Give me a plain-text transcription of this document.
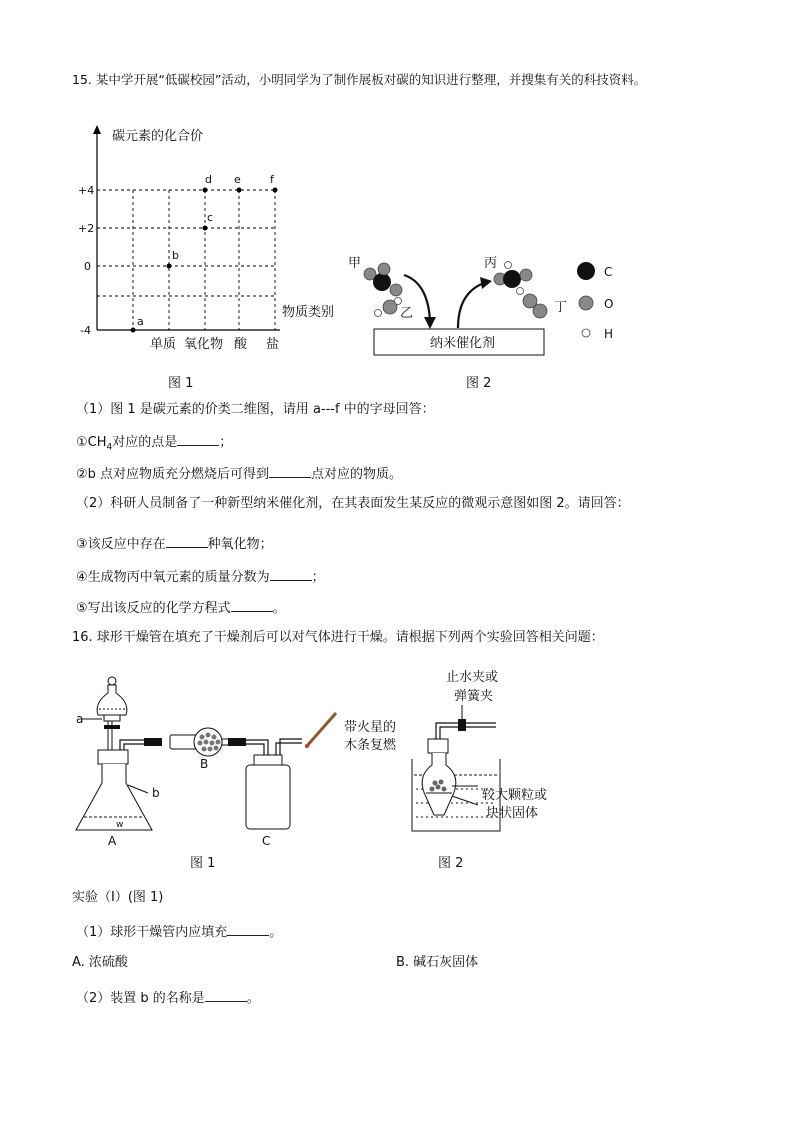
15. 某中学开展“低碳校园”活动，小明同学为了制作展板对碳的知识进行整理，并搜集有关的科技资料。
碳元素的化合价
物质类别
+4
+2
0
-4
单质 氧化物 酸 盐
a
b
c
d e	f
图 1
甲
乙
纳米催化剂
丙
丁
C
O
H
图 2
（1）图 1 是碳元素的价类二维图，请用 a---f 中的字母回答：
$①CH_4$对应的点是	；
②b 点对应物质充分燃烧后可得到	点对应的物质。
（2）科研人员制备了一种新型纳米催化剂，在其表面发生某反应的微观示意图如图 2。请回答：
③该反应中存在	种氧化物；
④生成物丙中氧元素的质量分数为	；
⑤写出该反应的化学方程式	。
16. 球形干燥管在填充了干燥剂后可以对气体进行干燥。请根据下列两个实验回答相关问题：
a
w
b
A
B
C
带火星的
木条复燃
图 1
止水夹或
弹簧夹
较大颗粒或
块状固体
图 2
实验（Ⅰ）(图 1)
（1）球形干燥管内应填充	。
A. 浓硫酸	B. 碱石灰固体
（2）装置 b 的名称是	。
